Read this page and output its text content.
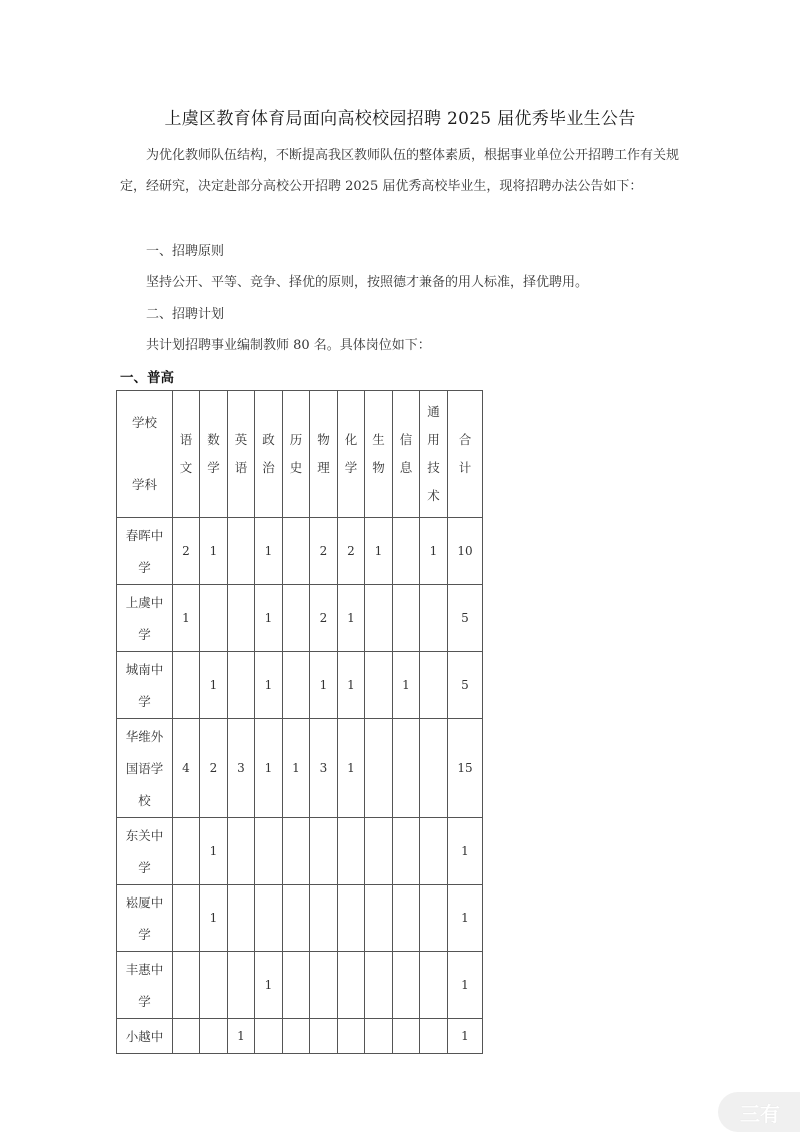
上虞区教育体育局面向高校校园招聘 2025 届优秀毕业生公告
为优化教师队伍结构，不断提高我区教师队伍的整体素质，根据事业单位公开招聘工作有关规定，经研究，决定赴部分高校公开招聘 2025 届优秀高校毕业生，现将招聘办法公告如下：
一、招聘原则
坚持公开、平等、竞争、择优的原则，按照德才兼备的用人标准，择优聘用。
二、招聘计划
共计划招聘事业编制教师 80 名。具体岗位如下：
一、普高
学校
学科	语文	数学	英语	政治	历史	物理	化学	生物	信息	通用技术	合计
春晖中学	2	1		1		2	2	1		1	10
上虞中学	1			1		2	1				5
城南中学		1		1		1	1		1		5
华维外国语学校	4	2	3	1	1	3	1				15
东关中学		1									1
崧厦中学		1									1
丰惠中学				1							1
小越中			1								1
三有
